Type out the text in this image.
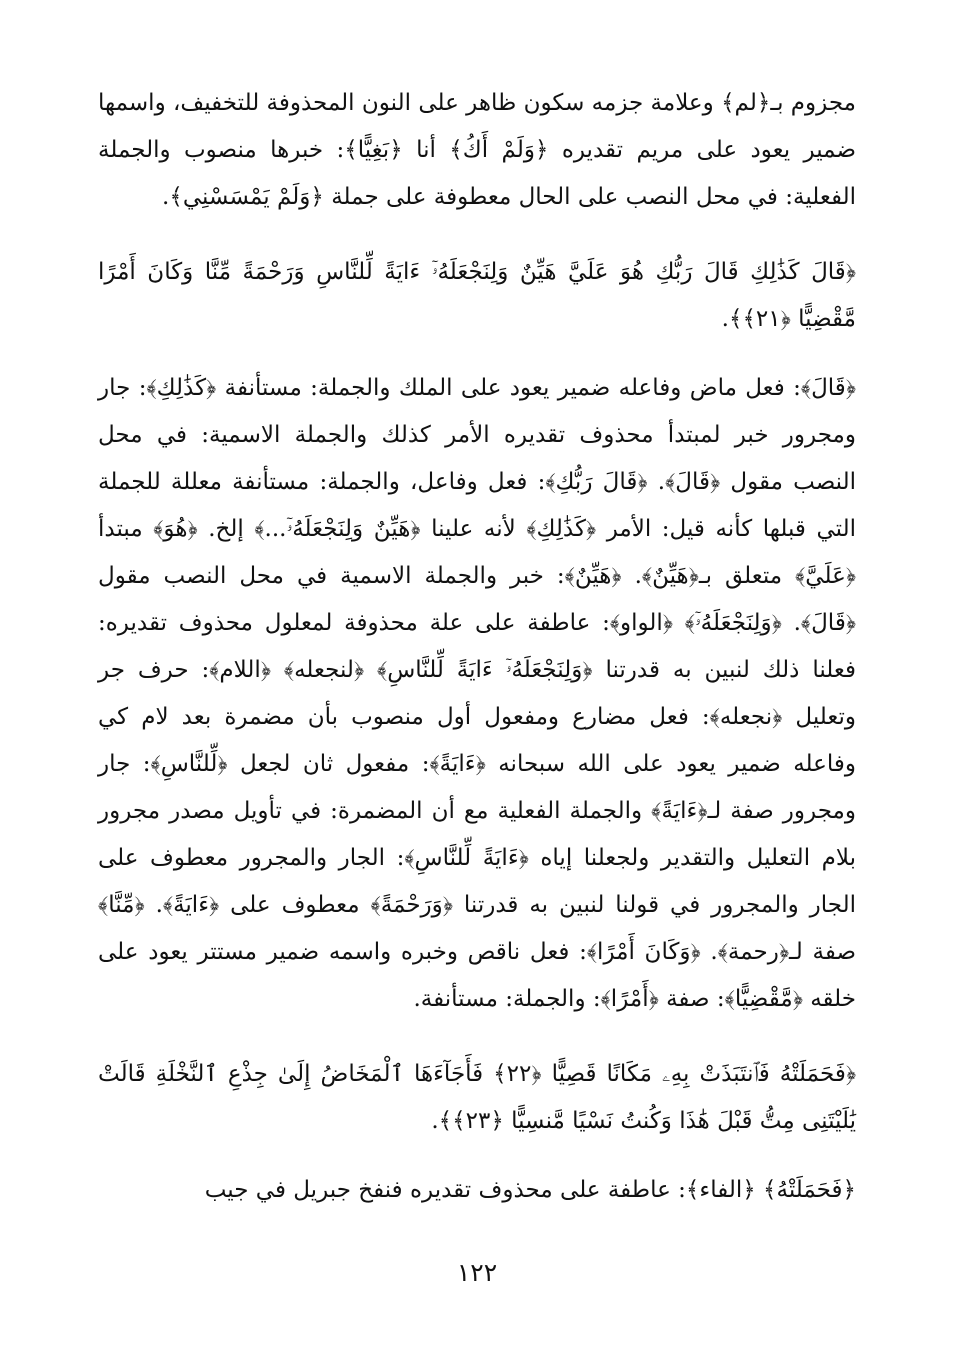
مجزوم بـ﴿لم﴾ وعلامة جزمه سكون ظاهر على النون المحذوفة للتخفيف، واسمها ضمير يعود على مريم تقديره ﴿وَلَمْ أَكُ﴾ أنا ﴿بَغِيًّا﴾: خبرها منصوب والجملة الفعلية: في محل النصب على الحال معطوفة على جملة ﴿وَلَمْ يَمْسَسْنِي﴾.

﴿قَالَ كَذَٰلِكِ قَالَ رَبُّكِ هُوَ عَلَيَّ هَيِّنٌ وَلِنَجْعَلَهُۥٓ ءَايَةً لِّلنَّاسِ وَرَحْمَةً مِّنَّا وَكَانَ أَمْرًا مَّقْضِيًّا ﴿٢١﴾﴾.

﴿قَالَ﴾: فعل ماض وفاعله ضمير يعود على الملك والجملة: مستأنفة ﴿كَذَٰلِكِ﴾: جار ومجرور خبر لمبتدأ محذوف تقديره الأمر كذلك والجملة الاسمية: في محل النصب مقول ﴿قَالَ﴾. ﴿قَالَ رَبُّكِ﴾: فعل وفاعل، والجملة: مستأنفة معللة للجملة التي قبلها كأنه قيل: الأمر ﴿كَذَٰلِكِ﴾ لأنه علينا ﴿هَيِّنٌ وَلِنَجْعَلَهُۥٓ...﴾ إلخ. ﴿هُوَ﴾ مبتدأ ﴿عَلَيَّ﴾ متعلق بـ﴿هَيِّنٌ﴾. ﴿هَيِّنٌ﴾: خبر والجملة الاسمية في محل النصب مقول ﴿قَالَ﴾. ﴿وَلِنَجْعَلَهُۥٓ﴾ ﴿الواو﴾: عاطفة على علة محذوفة لمعلول محذوف تقديره: فعلنا ذلك لنبين به قدرتنا ﴿وَلِنَجْعَلَهُۥٓ ءَايَةً لِّلنَّاسِ﴾ ﴿لنجعله﴾ ﴿اللام﴾: حرف جر وتعليل ﴿نجعله﴾: فعل مضارع ومفعول أول منصوب بأن مضمرة بعد لام كي وفاعله ضمير يعود على الله سبحانه ﴿ءَايَةً﴾: مفعول ثان لجعل ﴿لِّلنَّاسِ﴾: جار ومجرور صفة لـ﴿ءَايَةً﴾ والجملة الفعلية مع أن المضمرة: في تأويل مصدر مجرور بلام التعليل والتقدير ولجعلنا إياه ﴿ءَايَةً لِّلنَّاسِ﴾: الجار والمجرور معطوف على الجار والمجرور في قولنا لنبين به قدرتنا ﴿وَرَحْمَةً﴾ معطوف على ﴿ءَايَةً﴾. ﴿مِّنَّا﴾ صفة لـ﴿رحمة﴾. ﴿وَكَانَ أَمْرًا﴾: فعل ناقص وخبره واسمه ضمير مستتر يعود على خلقه ﴿مَّقْضِيًّا﴾: صفة ﴿أَمْرًا﴾: والجملة: مستأنفة.

﴿فَحَمَلَتْهُ فَٱنتَبَذَتْ بِهِۦ مَكَانًا قَصِيًّا ﴿٢٢﴾ فَأَجَآءَهَا ٱلْمَخَاضُ إِلَىٰ جِذْعِ ٱلنَّخْلَةِ قَالَتْ يَٰلَيْتَنِى مِتُّ قَبْلَ هَٰذَا وَكُنتُ نَسْيًا مَّنسِيًّا ﴿٢٣﴾﴾.

﴿فَحَمَلَتْهُ﴾ ﴿الفاء﴾: عاطفة على محذوف تقديره فنفخ جبريل في جيب

١٢٢
